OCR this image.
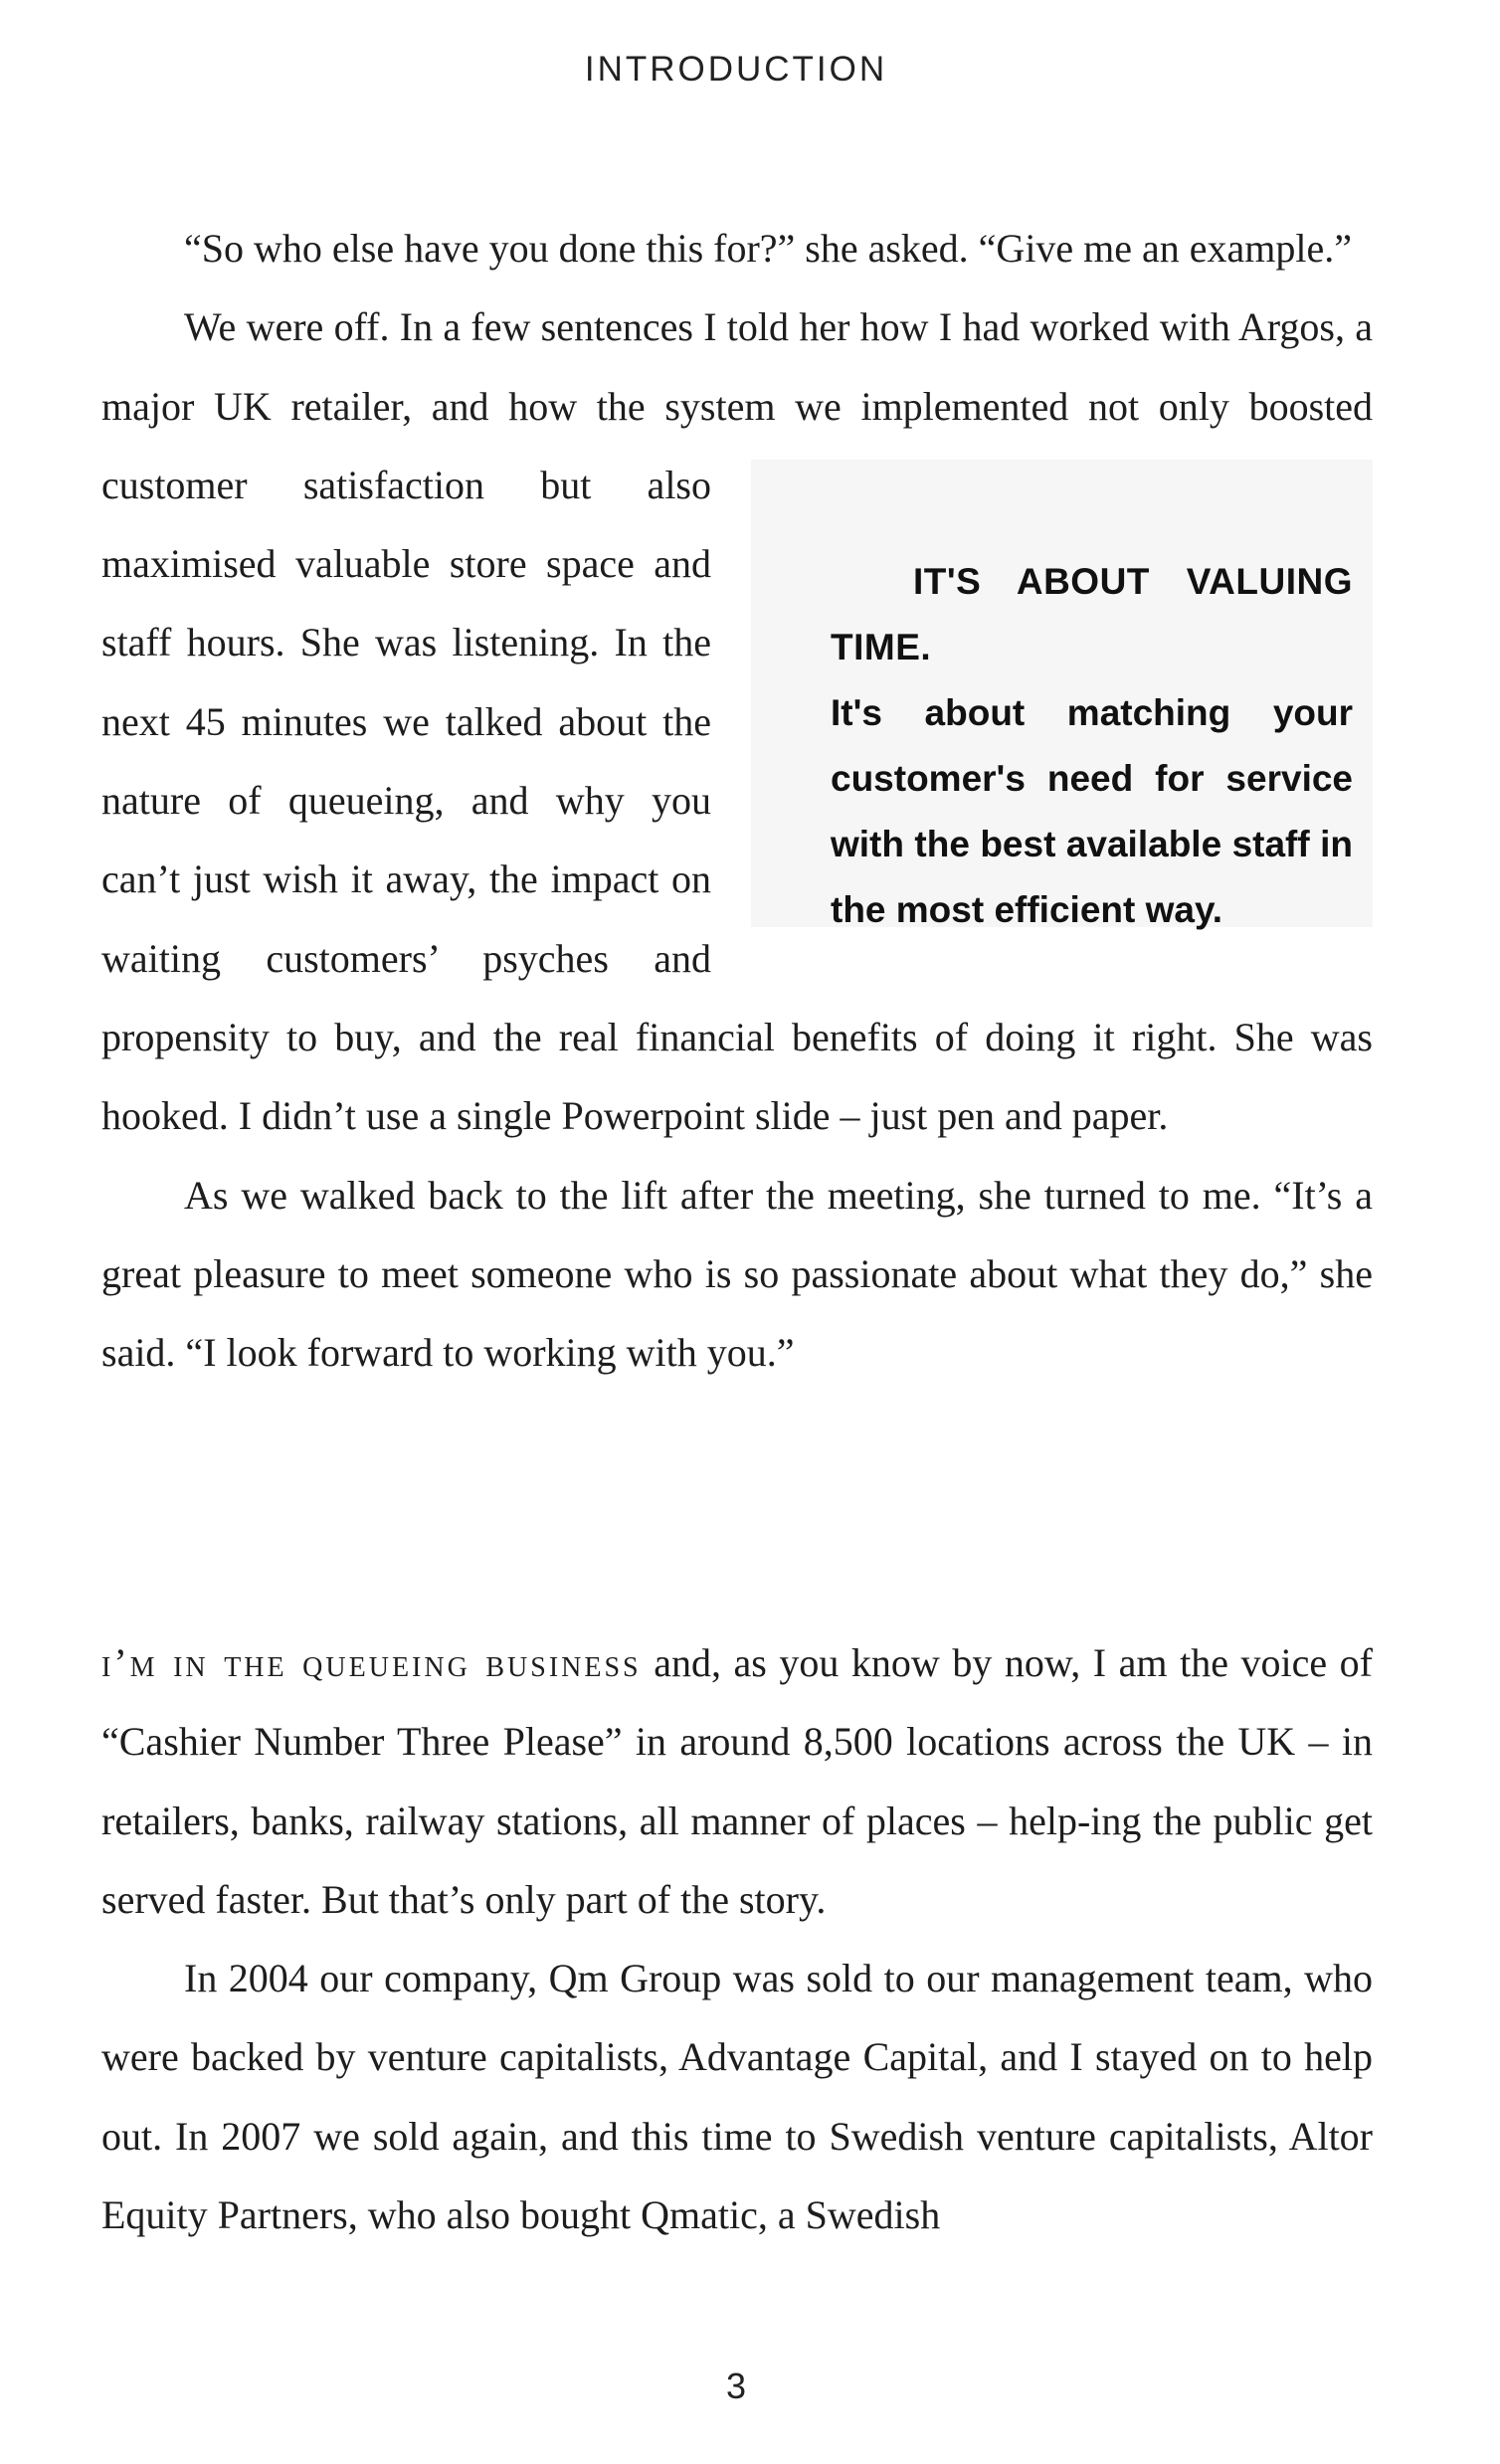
INTRODUCTION

“So who else have you done this for?” she asked. “Give me an example.”

We were off. In a few sentences I told her how I had worked with Argos, a major UK retailer, and how the system we implemented not only
IT'S ABOUT VALUING TIME.
It's about matching your customer's need for service with the best available staff in the most efficient way.
boosted customer satisfaction but also maximised valuable store space and staff hours. She was listening. In the next 45 minutes we talked about the nature of queueing, and why you can’t just wish it away, the impact on waiting customers’ psyches and propensity to buy, and the real financial benefits of doing it right. She was hooked. I didn’t use a single Powerpoint slide – just pen and paper.

As we walked back to the lift after the meeting, she turned to me. “It’s a great pleasure to meet someone who is so passionate about what they do,” she said. “I look forward to working with you.”

i’m in the queueing business and, as you know by now, I am the voice of “Cashier Number Three Please” in around 8,500 locations across the UK – in retailers, banks, railway stations, all manner of places – help-ing the public get served faster. But that’s only part of the story.

In 2004 our company, Qm Group was sold to our management team, who were backed by venture capitalists, Advantage Capital, and I stayed on to help out. In 2007 we sold again, and this time to Swedish venture capitalists, Altor Equity Partners, who also bought Qmatic, a Swedish

3
